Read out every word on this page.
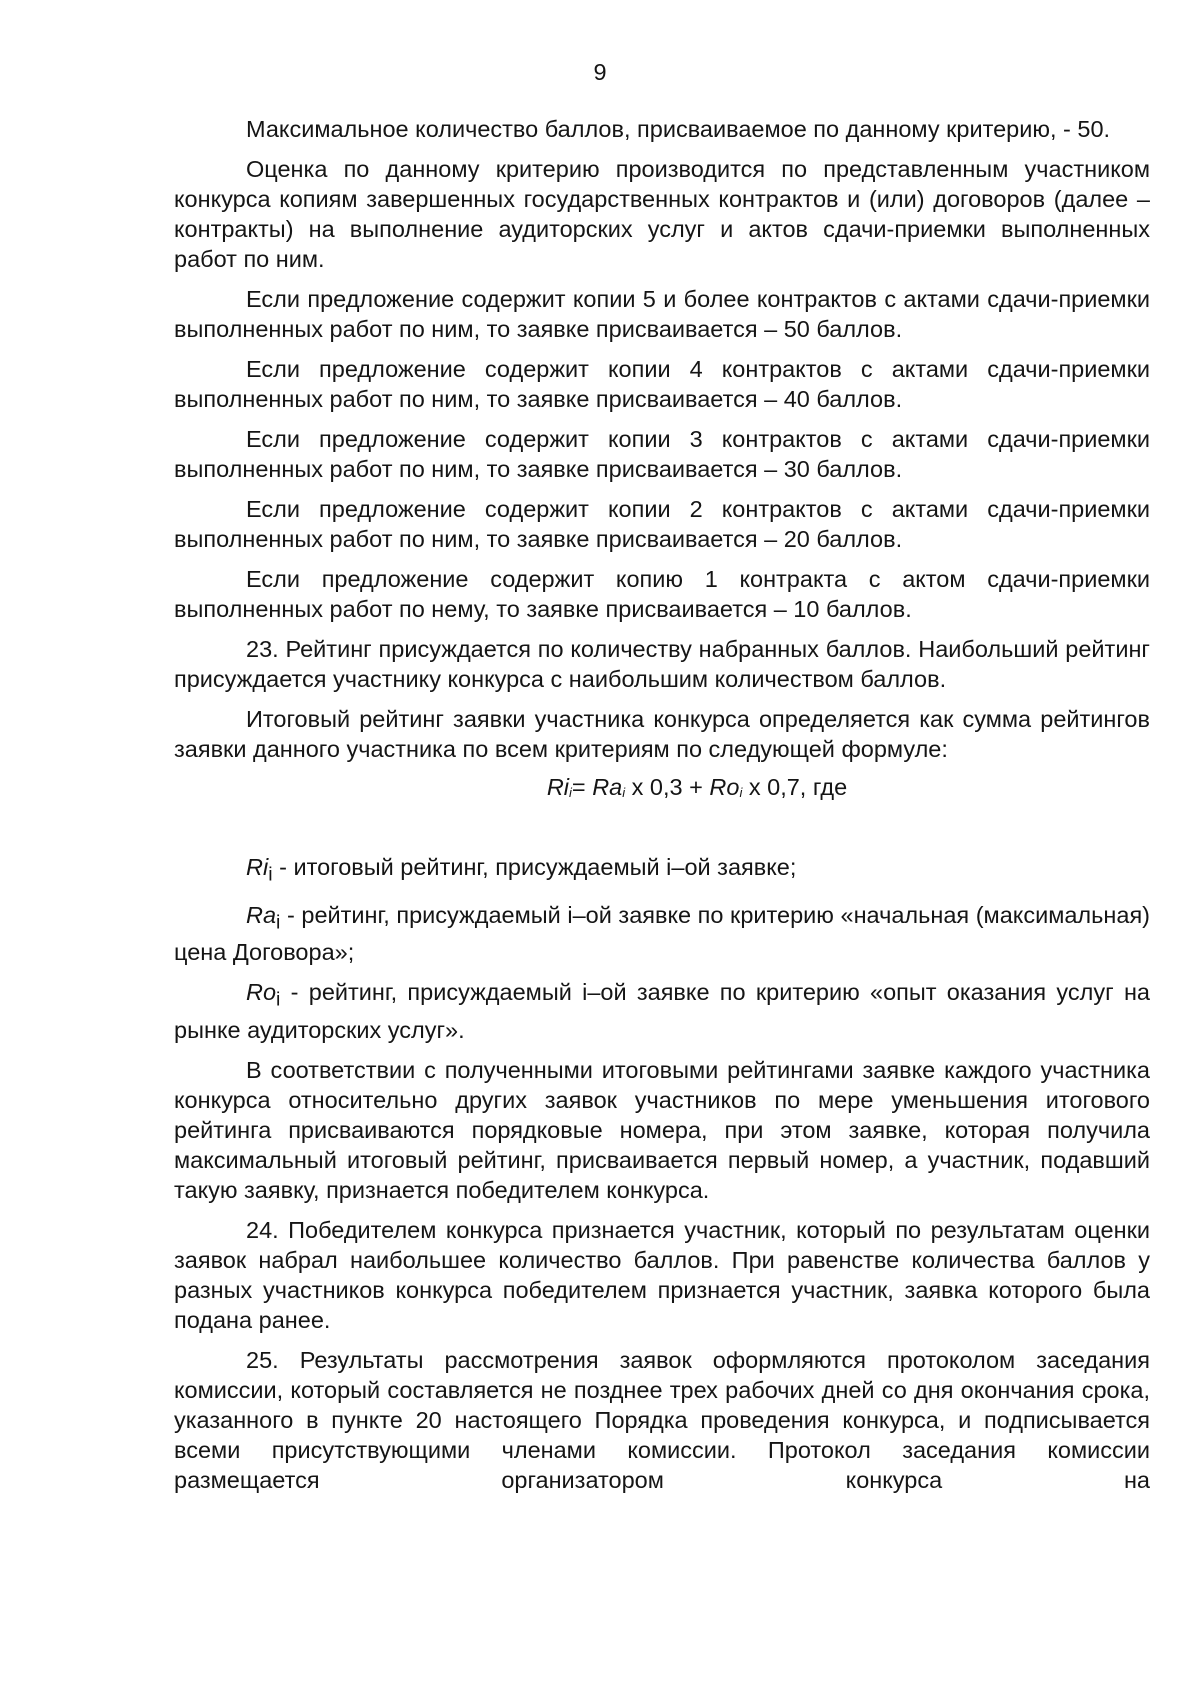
9

Максимальное количество баллов, присваиваемое по данному критерию, - 50.

Оценка по данному критерию производится по представленным участником конкурса копиям завершенных государственных контрактов и (или) договоров (далее – контракты) на выполнение аудиторских услуг и актов сдачи-приемки выполненных работ по ним.

Если предложение содержит копии 5 и более контрактов с актами сдачи-приемки выполненных работ по ним, то заявке присваивается – 50 баллов.

Если предложение содержит копии 4 контрактов с актами сдачи-приемки выполненных работ по ним, то заявке присваивается – 40 баллов.

Если предложение содержит копии 3 контрактов с актами сдачи-приемки выполненных работ по ним, то заявке присваивается – 30 баллов.

Если предложение содержит копии 2 контрактов с актами сдачи-приемки выполненных работ по ним, то заявке присваивается – 20 баллов.

Если предложение содержит копию 1 контракта с актом сдачи-приемки выполненных работ по нему, то заявке присваивается – 10 баллов.

23. Рейтинг присуждается по количеству набранных баллов. Наибольший рейтинг присуждается участнику конкурса с наибольшим количеством баллов.

Итоговый рейтинг заявки участника конкурса определяется как сумма рейтингов заявки данного участника по всем критериям по следующей формуле:

$Ri_i= Ra_i$ х $0,3 + Ro_i$ х 0,7, где

$Ri_i$ - итоговый рейтинг, присуждаемый i–ой заявке;

$Ra_i$ - рейтинг, присуждаемый i–ой заявке по критерию «начальная (максимальная) цена Договора»;

$Ro_i$ - рейтинг, присуждаемый i–ой заявке по критерию «опыт оказания услуг на рынке аудиторских услуг».

В соответствии с полученными итоговыми рейтингами заявке каждого участника конкурса относительно других заявок участников по мере уменьшения итогового рейтинга присваиваются порядковые номера, при этом заявке, которая получила максимальный итоговый рейтинг, присваивается первый номер, а участник, подавший такую заявку, признается победителем конкурса.

24. Победителем конкурса признается участник, который по результатам оценки заявок набрал наибольшее количество баллов. При равенстве количества баллов у разных участников конкурса победителем признается участник, заявка которого была подана ранее.

25. Результаты рассмотрения заявок оформляются протоколом заседания комиссии, который составляется не позднее трех рабочих дней со дня окончания срока, указанного в пункте 20 настоящего Порядка проведения конкурса, и подписывается всеми присутствующими членами комиссии. Протокол заседания комиссии размещается организатором конкурса на
